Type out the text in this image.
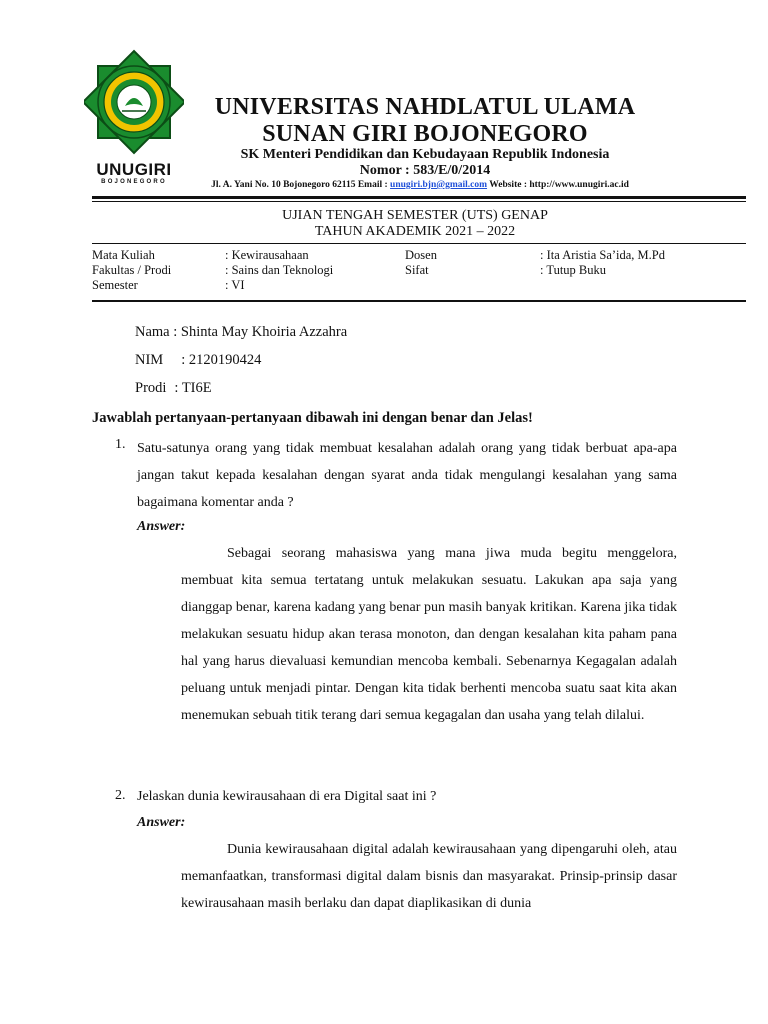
UNUGIRI
BOJONEGORO
UNIVERSITAS NAHDLATUL ULAMA
SUNAN GIRI BOJONEGORO
SK Menteri Pendidikan dan Kebudayaan Republik Indonesia
Nomor : 583/E/0/2014
Jl. A. Yani No. 10 Bojonegoro 62115 Email : unugiri.bjn@gmail.com Website : http://www.unugiri.ac.id
UJIAN TENGAH SEMESTER (UTS) GENAP
TAHUN AKADEMIK 2021 – 2022
Mata Kuliah	: Kewirausahaan	Dosen	: Ita Aristia Sa’ida, M.Pd
Fakultas / Prodi	: Sains dan Teknologi	Sifat	: Tutup Buku
Semester	: VI
Nama : Shinta May Khoiria Azzahra
NIM : 2120190424
Prodi : TI6E
Jawablah pertanyaan-pertanyaan dibawah ini dengan benar dan Jelas!
1. Satu-satunya orang yang tidak membuat kesalahan adalah orang yang tidak berbuat apa-apa jangan takut kepada kesalahan dengan syarat anda tidak mengulangi kesalahan yang sama bagaimana komentar anda ?
Answer:

Sebagai seorang mahasiswa yang mana jiwa muda begitu menggelora, membuat kita semua tertatang untuk melakukan sesuatu. Lakukan apa saja yang dianggap benar, karena kadang yang benar pun masih banyak kritikan. Karena jika tidak melakukan sesuatu hidup akan terasa monoton, dan dengan kesalahan kita paham pana hal yang harus dievaluasi kemundian mencoba kembali. Sebenarnya Kegagalan adalah peluang untuk menjadi pintar. Dengan kita tidak berhenti mencoba suatu saat kita akan menemukan sebuah titik terang dari semua kegagalan dan usaha yang telah dilalui.

2. Jelaskan dunia kewirausahaan di era Digital saat ini ?
Answer:

Dunia kewirausahaan digital adalah kewirausahaan yang dipengaruhi oleh, atau memanfaatkan, transformasi digital dalam bisnis dan masyarakat. Prinsip-prinsip dasar kewirausahaan masih berlaku dan dapat diaplikasikan di dunia
